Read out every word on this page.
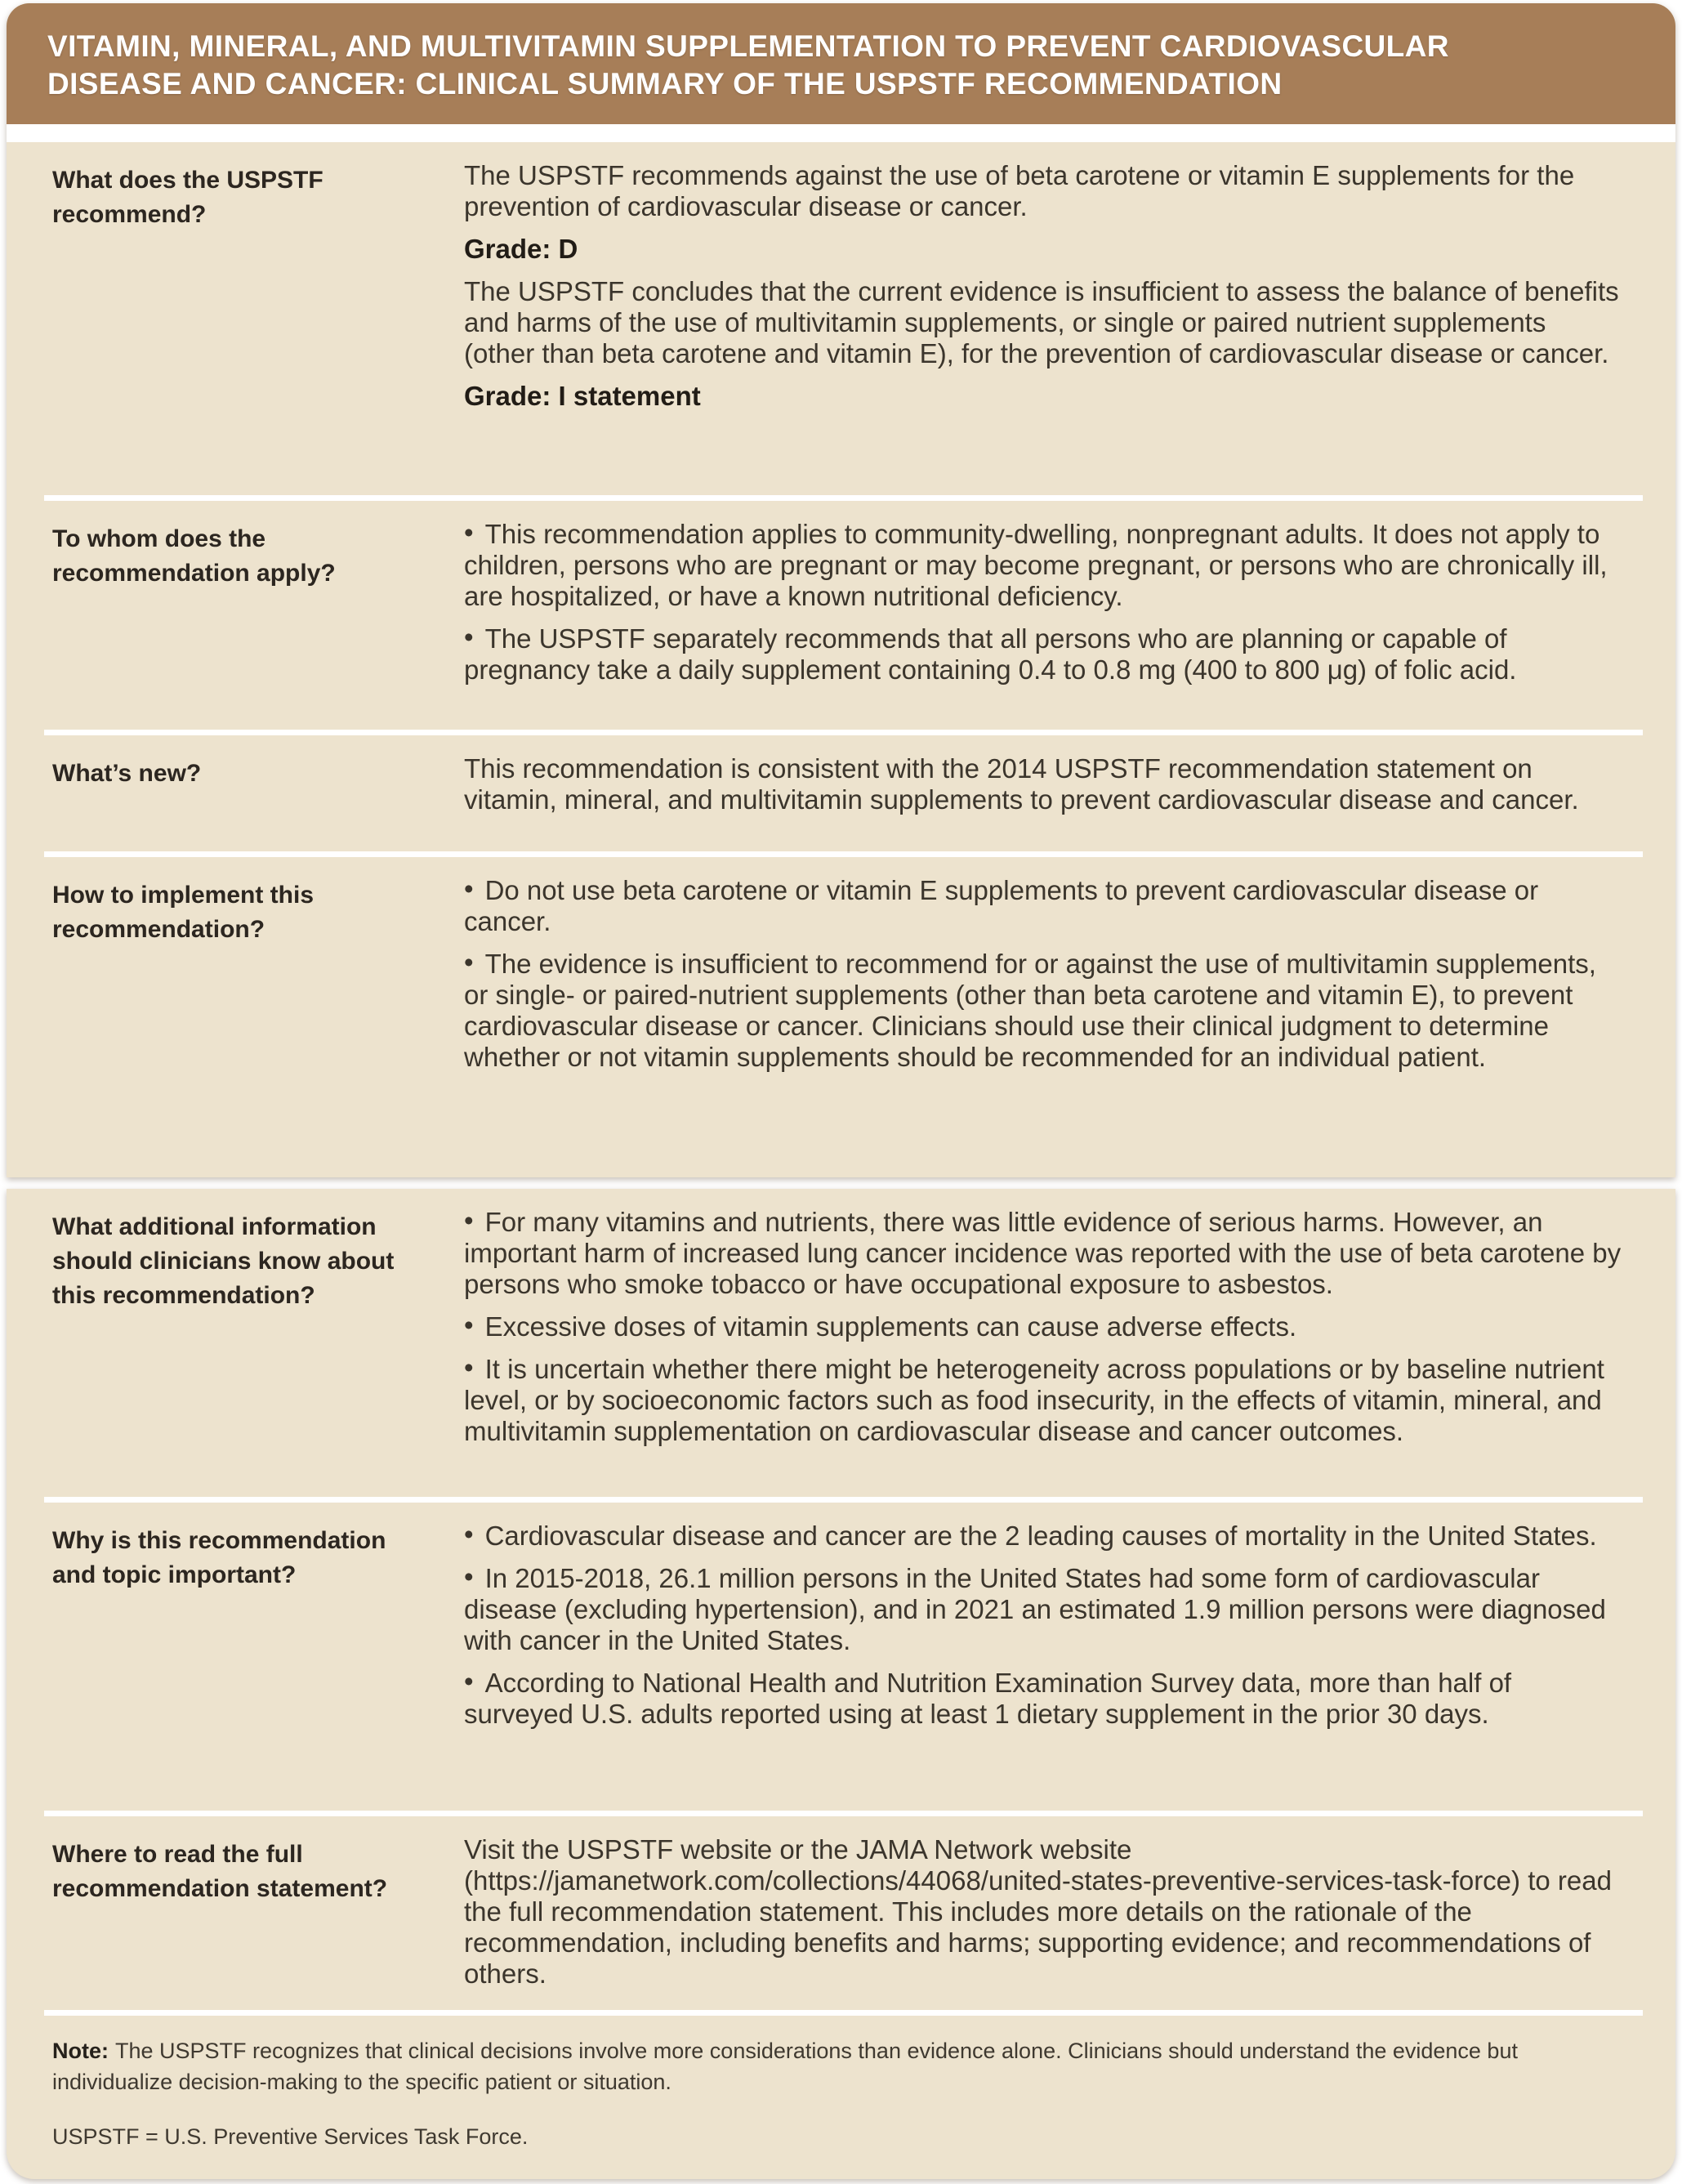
VITAMIN, MINERAL, AND MULTIVITAMIN SUPPLEMENTATION TO PREVENT CARDIOVASCULAR DISEASE AND CANCER: CLINICAL SUMMARY OF THE USPSTF RECOMMENDATION
What does the USPSTF recommend?

The USPSTF recommends against the use of beta carotene or vitamin E supplements for the prevention of cardiovascular disease or cancer.

Grade: D

The USPSTF concludes that the current evidence is insufficient to assess the balance of benefits and harms of the use of multivitamin supplements, or single or paired nutrient supplements (other than beta carotene and vitamin E), for the prevention of cardiovascular disease or cancer.

Grade: I statement

To whom does the recommendation apply?

• This recommendation applies to community-dwelling, nonpregnant adults. It does not apply to children, persons who are pregnant or may become pregnant, or persons who are chronically ill, are hospitalized, or have a known nutritional deficiency.

• The USPSTF separately recommends that all persons who are planning or capable of pregnancy take a daily supplement containing 0.4 to 0.8 mg (400 to 800 μg) of folic acid.

What’s new?	This recommendation is consistent with the 2014 USPSTF recommendation statement on vitamin, mineral, and multivitamin supplements to prevent cardiovascular disease and cancer.

How to implement this recommendation?

• Do not use beta carotene or vitamin E supplements to prevent cardiovascular disease or cancer.

• The evidence is insufficient to recommend for or against the use of multivitamin supplements, or single- or paired-nutrient supplements (other than beta carotene and vitamin E), to prevent cardiovascular disease or cancer. Clinicians should use their clinical judgment to determine whether or not vitamin supplements should be recommended for an individual patient.

What additional information should clinicians know about this recommendation?

• For many vitamins and nutrients, there was little evidence of serious harms. However, an important harm of increased lung cancer incidence was reported with the use of beta carotene by persons who smoke tobacco or have occupational exposure to asbestos.

• Excessive doses of vitamin supplements can cause adverse effects.

• It is uncertain whether there might be heterogeneity across populations or by baseline nutrient level, or by socioeconomic factors such as food insecurity, in the effects of vitamin, mineral, and multivitamin supplementation on cardiovascular disease and cancer outcomes.

Why is this recommendation and topic important?

• Cardiovascular disease and cancer are the 2 leading causes of mortality in the United States.

• In 2015-2018, 26.1 million persons in the United States had some form of cardiovascular disease (excluding hypertension), and in 2021 an estimated 1.9 million persons were diagnosed with cancer in the United States.

• According to National Health and Nutrition Examination Survey data, more than half of surveyed U.S. adults reported using at least 1 dietary supplement in the prior 30 days.

Where to read the full recommendation statement?

Visit the USPSTF website or the JAMA Network website (https://jamanetwork.com/collections/44068/united-states-preventive-services-task-force) to read the full recommendation statement. This includes more details on the rationale of the recommendation, including benefits and harms; supporting evidence; and recommendations of others.

Note: The USPSTF recognizes that clinical decisions involve more considerations than evidence alone. Clinicians should understand the evidence but individualize decision-making to the specific patient or situation.

USPSTF = U.S. Preventive Services Task Force.
